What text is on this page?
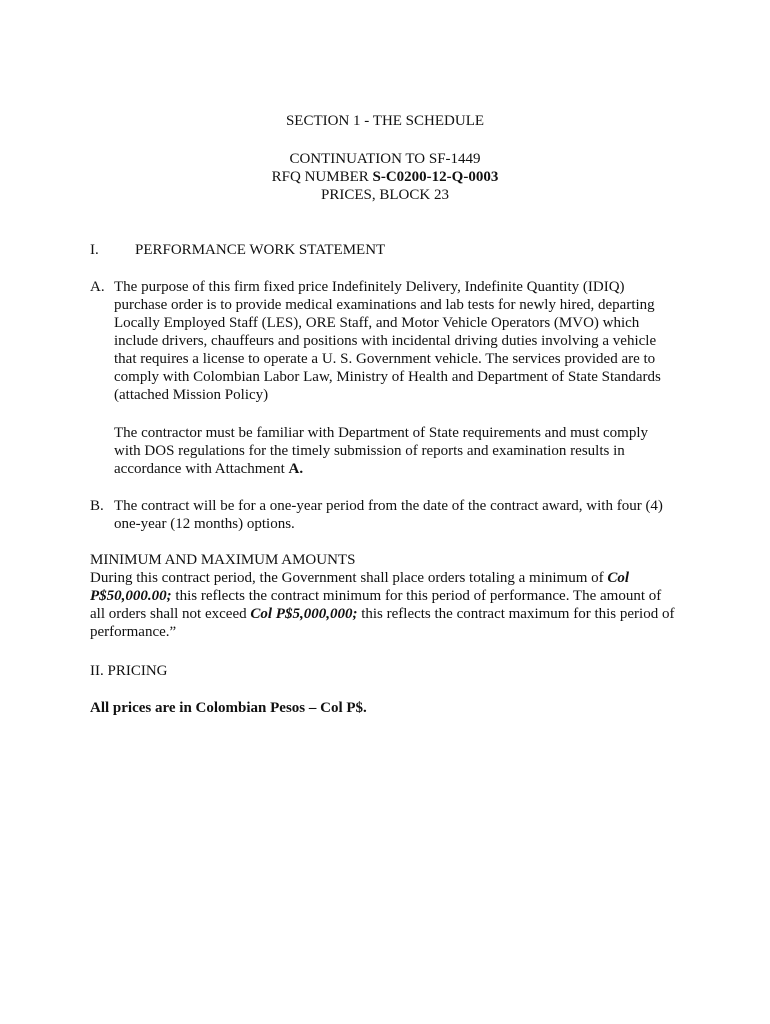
SECTION 1 - THE SCHEDULE
CONTINUATION TO SF-1449
RFQ NUMBER S-C0200-12-Q-0003
PRICES, BLOCK 23
I. PERFORMANCE WORK STATEMENT
A. The purpose of this firm fixed price Indefinitely Delivery, Indefinite Quantity (IDIQ)
purchase order is to provide medical examinations and lab tests for newly hired, departing
Locally Employed Staff (LES), ORE Staff, and Motor Vehicle Operators (MVO) which
include drivers, chauffeurs and positions with incidental driving duties involving a vehicle
that requires a license to operate a U. S. Government vehicle. The services provided are to
comply with Colombian Labor Law, Ministry of Health and Department of State Standards
(attached Mission Policy)
The contractor must be familiar with Department of State requirements and must comply
with DOS regulations for the timely submission of reports and examination results in
accordance with Attachment A.
B. The contract will be for a one-year period from the date of the contract award, with four (4)
one-year (12 months) options.
MINIMUM AND MAXIMUM AMOUNTS
During this contract period, the Government shall place orders totaling a minimum of Col
P$50,000.00; this reflects the contract minimum for this period of performance. The amount of
all orders shall not exceed Col P$5,000,000; this reflects the contract maximum for this period of
performance.”
II. PRICING
All prices are in Colombian Pesos – Col P$.
